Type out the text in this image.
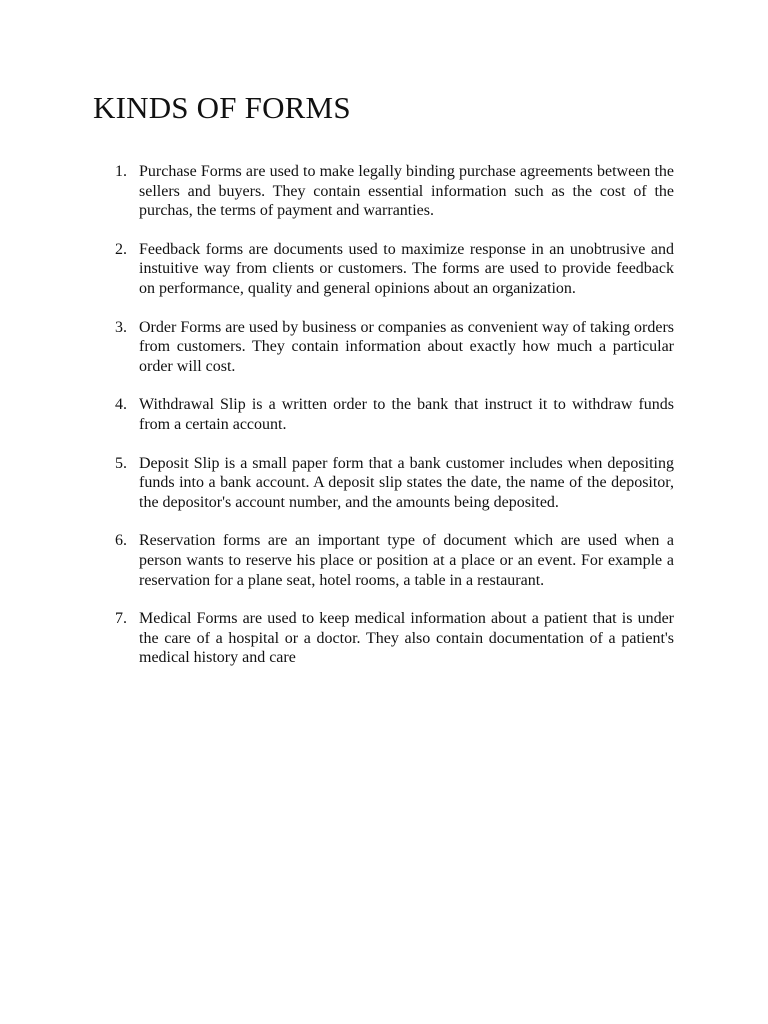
KINDS OF FORMS
1. Purchase Forms are used to make legally binding purchase agreements between the sellers and buyers. They contain essential information such as the cost of the purchas, the terms of payment and warranties.
2. Feedback forms are documents used to maximize response in an unobtrusive and instuitive way from clients or customers. The forms are used to provide feedback on performance, quality and general opinions about an organization.
3. Order Forms are used by business or companies as convenient way of taking orders from customers. They contain information about exactly how much a particular order will cost.
4. Withdrawal Slip is a written order to the bank that instruct it to withdraw funds from a certain account.
5. Deposit Slip is a small paper form that a bank customer includes when depositing funds into a bank account. A deposit slip states the date, the name of the depositor, the depositor's account number, and the amounts being deposited.
6. Reservation forms are an important type of document which are used when a person wants to reserve his place or position at a place or an event. For example a reservation for a plane seat, hotel rooms, a table in a restaurant.
7. Medical Forms are used to keep medical information about a patient that is under the care of a hospital or a doctor. They also contain documentation of a patient's medical history and care
